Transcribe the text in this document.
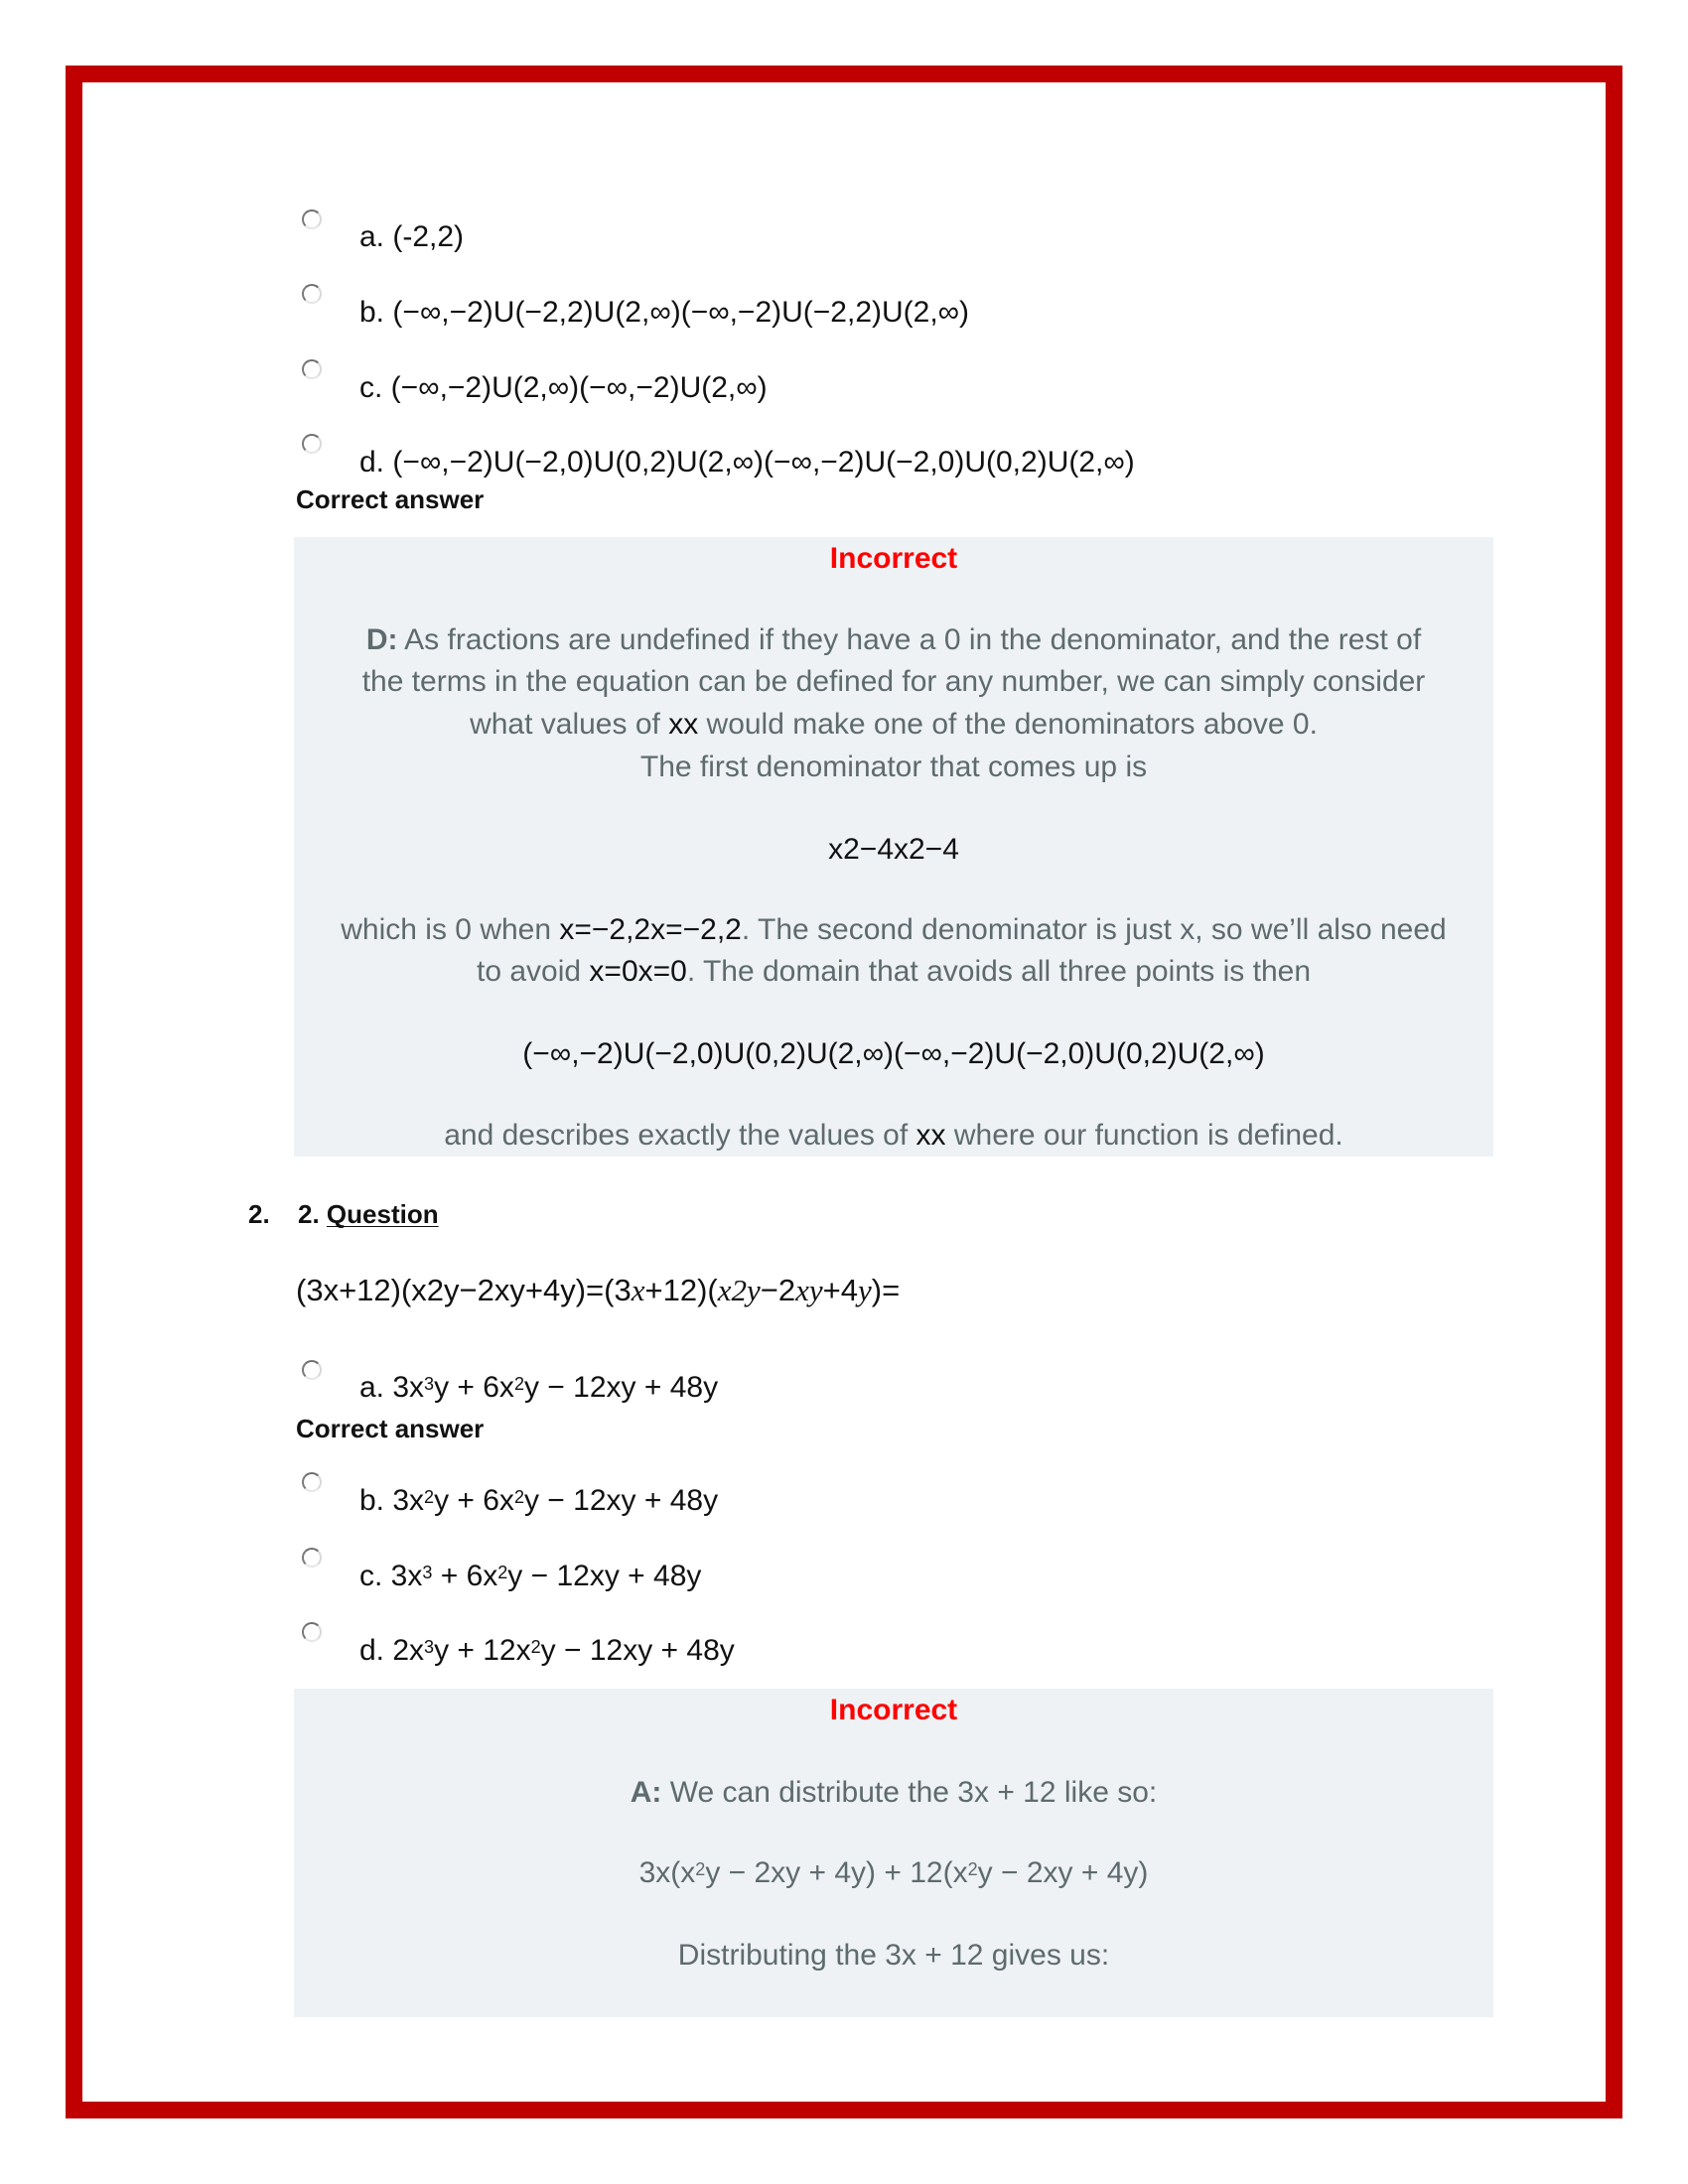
a. (-2,2)
b. (−∞,−2)U(−2,2)U(2,∞)(−∞,−2)U(−2,2)U(2,∞)
c. (−∞,−2)U(2,∞)(−∞,−2)U(2,∞)
d. (−∞,−2)U(−2,0)U(0,2)U(2,∞)(−∞,−2)U(−2,0)U(0,2)U(2,∞)
Correct answer
Incorrect
D: As fractions are undefined if they have a 0 in the denominator, and the rest of
the terms in the equation can be defined for any number, we can simply consider
what values of xx would make one of the denominators above 0.
The first denominator that comes up is
x2−4x2−4
which is 0 when x=−2,2x=−2,2. The second denominator is just x, so we’ll also need
to avoid x=0x=0. The domain that avoids all three points is then
(−∞,−2)U(−2,0)U(0,2)U(2,∞)(−∞,−2)U(−2,0)U(0,2)U(2,∞)
and describes exactly the values of xx where our function is defined.
2. 2. Question
(3x+12)(x2y−2xy+4y)=(3x+12)(x2y−2xy+4y)=
a. $3x^3y + 6x^2y - 12xy + 48y$
Correct answer
b. $3x^2y + 6x^2y - 12xy + 48y$
c. $3x^3 + 6x^2y - 12xy + 48y$
d. $2x^3y + 12x^2y - 12xy + 48y$
Incorrect
A: We can distribute the 3x + 12 like so:
$3x(x^2y - 2xy + 4y) + 12(x^2y - 2xy + 4y)$
Distributing the 3x + 12 gives us:
